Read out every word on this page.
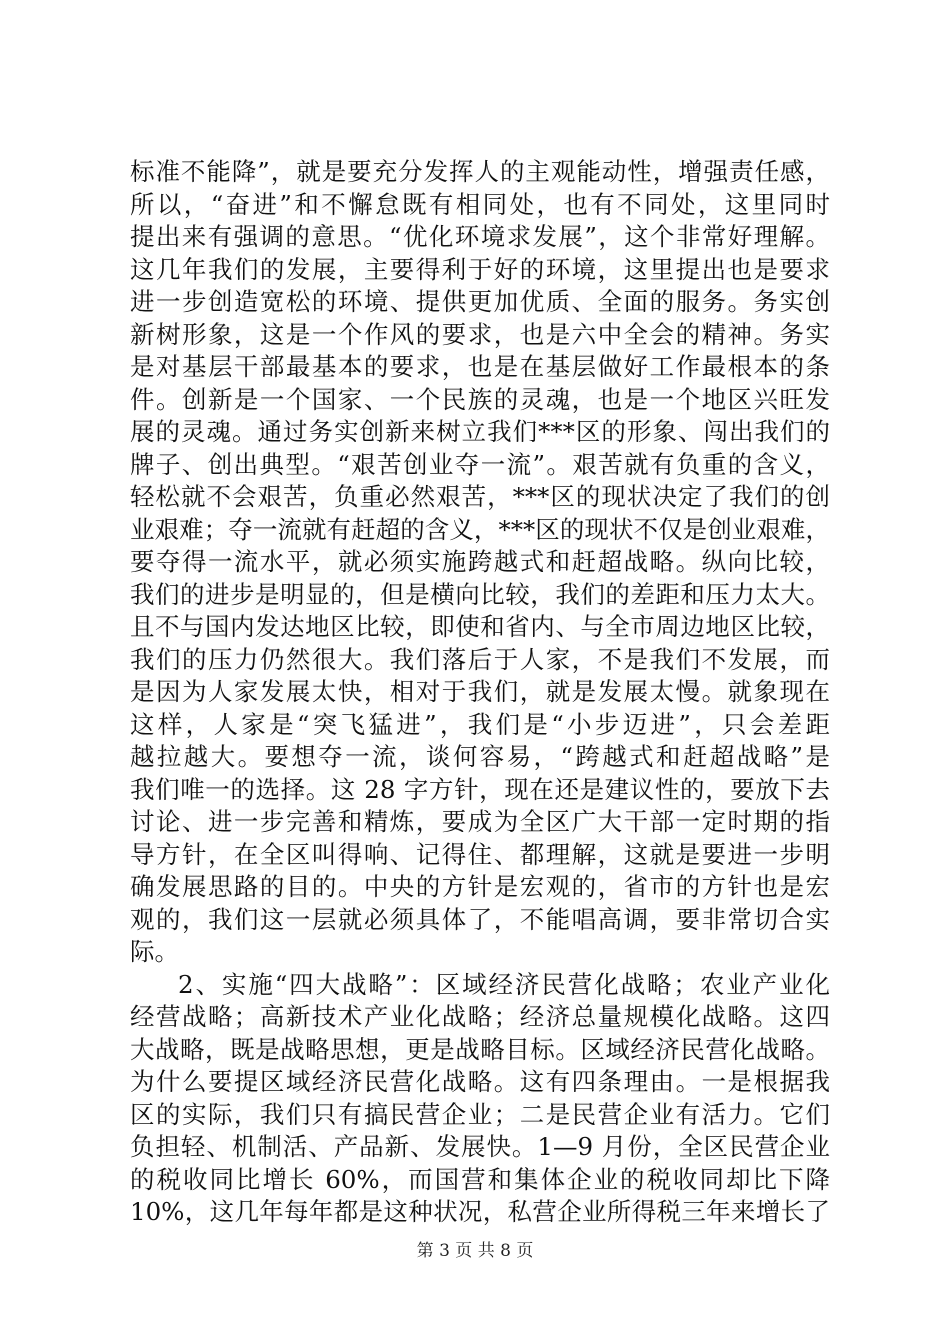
标准不能降”，就是要充分发挥人的主观能动性，增强责任感，
所以，“奋进”和不懈怠既有相同处，也有不同处，这里同时
提出来有强调的意思。“优化环境求发展”，这个非常好理解。
这几年我们的发展，主要得利于好的环境，这里提出也是要求
进一步创造宽松的环境、提供更加优质、全面的服务。务实创
新树形象，这是一个作风的要求，也是六中全会的精神。务实
是对基层干部最基本的要求，也是在基层做好工作最根本的条
件。创新是一个国家、一个民族的灵魂，也是一个地区兴旺发
展的灵魂。通过务实创新来树立我们***区的形象、闯出我们的
牌子、创出典型。“艰苦创业夺一流”。艰苦就有负重的含义，
轻松就不会艰苦，负重必然艰苦，***区的现状决定了我们的创
业艰难；夺一流就有赶超的含义，***区的现状不仅是创业艰难，
要夺得一流水平，就必须实施跨越式和赶超战略。纵向比较，
我们的进步是明显的，但是横向比较，我们的差距和压力太大。
且不与国内发达地区比较，即使和省内、与全市周边地区比较，
我们的压力仍然很大。我们落后于人家，不是我们不发展，而
是因为人家发展太快，相对于我们，就是发展太慢。就象现在
这样，人家是“突飞猛进”，我们是“小步迈进”，只会差距
越拉越大。要想夺一流，谈何容易，“跨越式和赶超战略”是
我们唯一的选择。这 28 字方针，现在还是建议性的，要放下去
讨论、进一步完善和精炼，要成为全区广大干部一定时期的指
导方针，在全区叫得响、记得住、都理解，这就是要进一步明
确发展思路的目的。中央的方针是宏观的，省市的方针也是宏
观的，我们这一层就必须具体了，不能唱高调，要非常切合实
际。
2、实施“四大战略”：区域经济民营化战略；农业产业化
经营战略；高新技术产业化战略；经济总量规模化战略。这四
大战略，既是战略思想，更是战略目标。区域经济民营化战略。
为什么要提区域经济民营化战略。这有四条理由。一是根据我
区的实际，我们只有搞民营企业；二是民营企业有活力。它们
负担轻、机制活、产品新、发展快。1—9 月份，全区民营企业
的税收同比增长 60%，而国营和集体企业的税收同却比下降
10%，这几年每年都是这种状况，私营企业所得税三年来增长了
第 3 页 共 8 页
